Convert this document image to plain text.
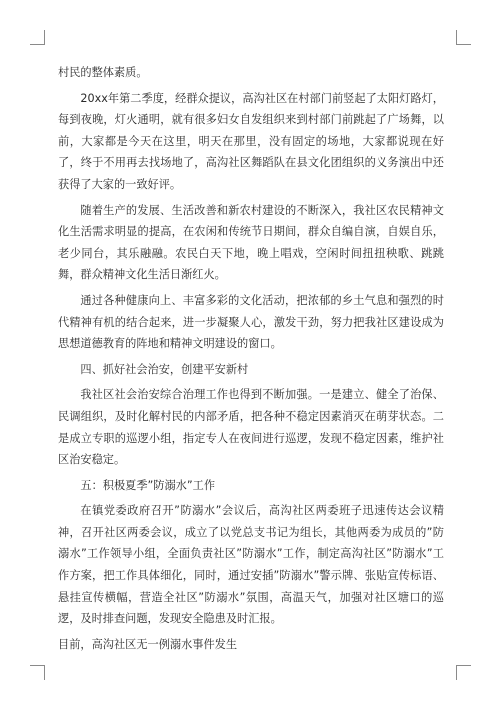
村民的整体素质。

20xx年第二季度，经群众提议，高沟社区在村部门前竖起了太阳灯路灯，每到夜晚，灯火通明，就有很多妇女自发组织来到村部门前跳起了广场舞，以前，大家都是今天在这里，明天在那里，没有固定的场地，大家都说现在好了，终于不用再去找场地了，高沟社区舞蹈队在县文化团组织的义务演出中还获得了大家的一致好评。

随着生产的发展、生活改善和新农村建设的不断深入，我社区农民精神文化生活需求明显的提高，在农闲和传统节日期间，群众自编自演，自娱自乐，老少同台，其乐融融。农民白天下地，晚上唱戏，空闲时间扭扭秧歌、跳跳舞，群众精神文化生活日渐红火。

通过各种健康向上、丰富多彩的文化活动，把浓郁的乡土气息和强烈的时代精神有机的结合起来，进一步凝聚人心，激发干劲，努力把我社区建设成为思想道德教育的阵地和精神文明建设的窗口。

四、抓好社会治安，创建平安新村

我社区社会治安综合治理工作也得到不断加强。一是建立、健全了治保、民调组织，及时化解村民的内部矛盾，把各种不稳定因素消灭在萌芽状态。二是成立专职的巡逻小组，指定专人在夜间进行巡逻，发现不稳定因素，维护社区治安稳定。

五：积极夏季”防溺水”工作

在镇党委政府召开”防溺水”会议后，高沟社区两委班子迅速传达会议精神，召开社区两委会议，成立了以党总支书记为组长，其他两委为成员的”防溺水”工作领导小组，全面负责社区”防溺水”工作，制定高沟社区”防溺水”工作方案，把工作具体细化，同时，通过安插”防溺水”警示牌、张贴宣传标语、悬挂宣传横幅，营造全社区”防溺水”氛围，高温天气，加强对社区塘口的巡逻，及时排查问题，发现安全隐患及时汇报。

目前，高沟社区无一例溺水事件发生
